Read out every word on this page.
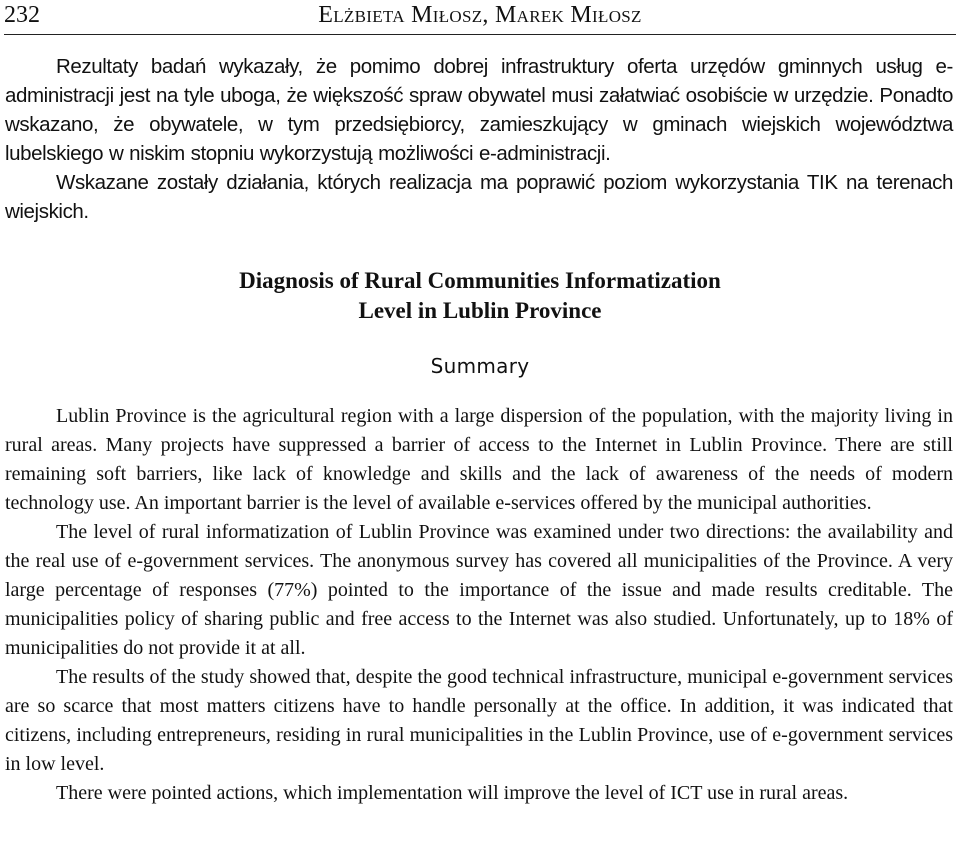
232	Elżbieta Miłosz, Marek Miłosz

Rezultaty badań wykazały, że pomimo dobrej infrastruktury oferta urzędów gminnych usług e-administracji jest na tyle uboga, że większość spraw obywatel musi załatwiać osobiście w urzędzie. Ponadto wskazano, że obywatele, w tym przedsiębiorcy, zamieszkujący w gminach wiejskich województwa lubelskiego w niskim stopniu wykorzystują możliwości e-administracji.

Wskazane zostały działania, których realizacja ma poprawić poziom wykorzystania TIK na terenach wiejskich.

Diagnosis of Rural Communities Informatization
Level in Lublin Province
Summary

Lublin Province is the agricultural region with a large dispersion of the population, with the majority living in rural areas. Many projects have suppressed a barrier of access to the Internet in Lublin Province. There are still remaining soft barriers, like lack of knowledge and skills and the lack of awareness of the needs of modern technology use. An important barrier is the level of available e-services offered by the municipal authorities.

The level of rural informatization of Lublin Province was examined under two directions: the availability and the real use of e-government services. The anonymous survey has covered all municipalities of the Province. A very large percentage of responses (77%) pointed to the importance of the issue and made results creditable. The municipalities policy of sharing public and free access to the Internet was also studied. Unfortunately, up to 18% of municipalities do not provide it at all.

The results of the study showed that, despite the good technical infrastructure, municipal e-government services are so scarce that most matters citizens have to handle personally at the office. In addition, it was indicated that citizens, including entrepreneurs, residing in rural municipalities in the Lublin Province, use of e-government services in low level.

There were pointed actions, which implementation will improve the level of ICT use in rural areas.
